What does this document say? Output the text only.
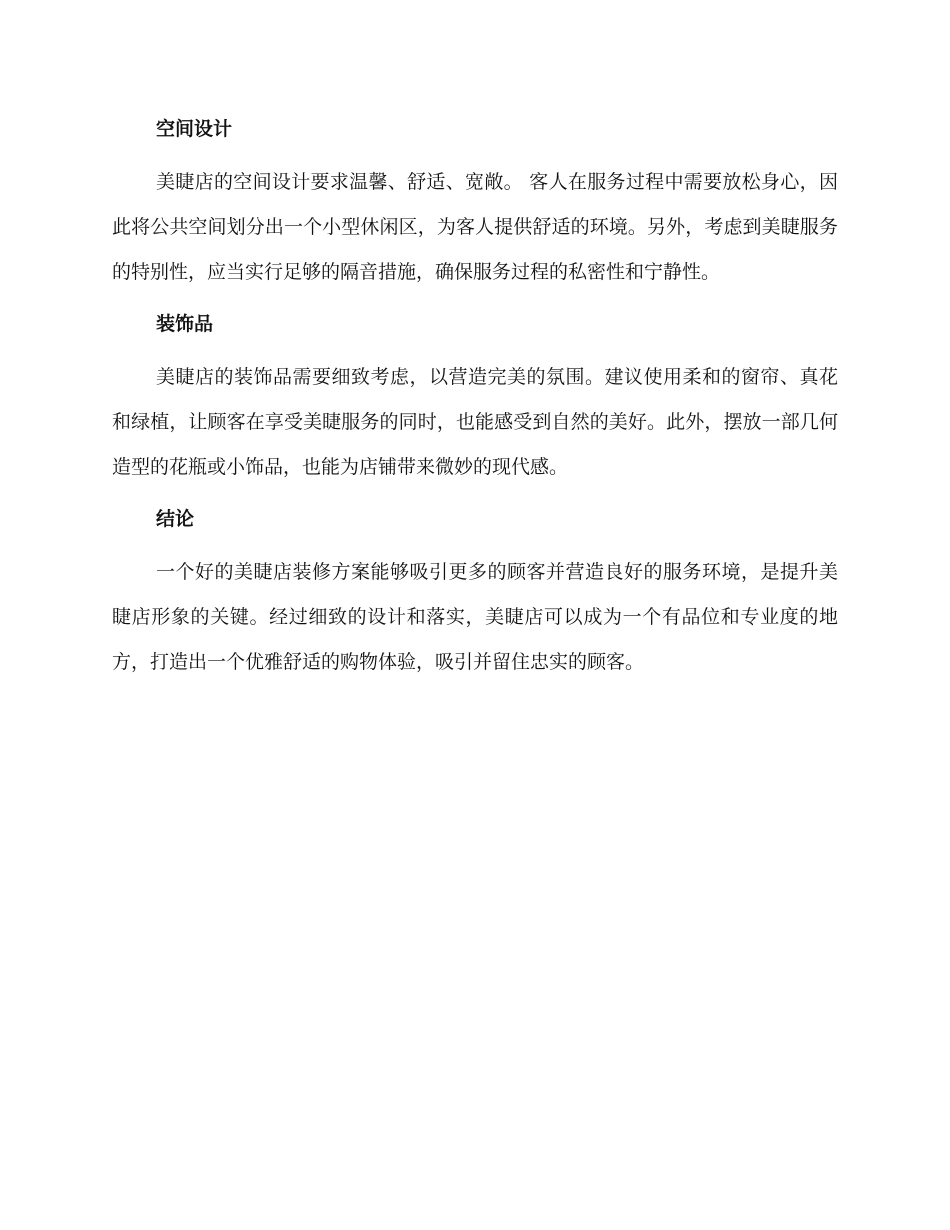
空间设计

美睫店的空间设计要求温馨、舒适、宽敞。 客人在服务过程中需要放松身心，因此将公共空间划分出一个小型休闲区，为客人提供舒适的环境。另外，考虑到美睫服务的特别性，应当实行足够的隔音措施，确保服务过程的私密性和宁静性。

装饰品

美睫店的装饰品需要细致考虑，以营造完美的氛围。建议使用柔和的窗帘、真花和绿植，让顾客在享受美睫服务的同时，也能感受到自然的美好。此外，摆放一部几何造型的花瓶或小饰品，也能为店铺带来微妙的现代感。

结论

一个好的美睫店装修方案能够吸引更多的顾客并营造良好的服务环境，是提升美睫店形象的关键。经过细致的设计和落实，美睫店可以成为一个有品位和专业度的地方，打造出一个优雅舒适的购物体验，吸引并留住忠实的顾客。
